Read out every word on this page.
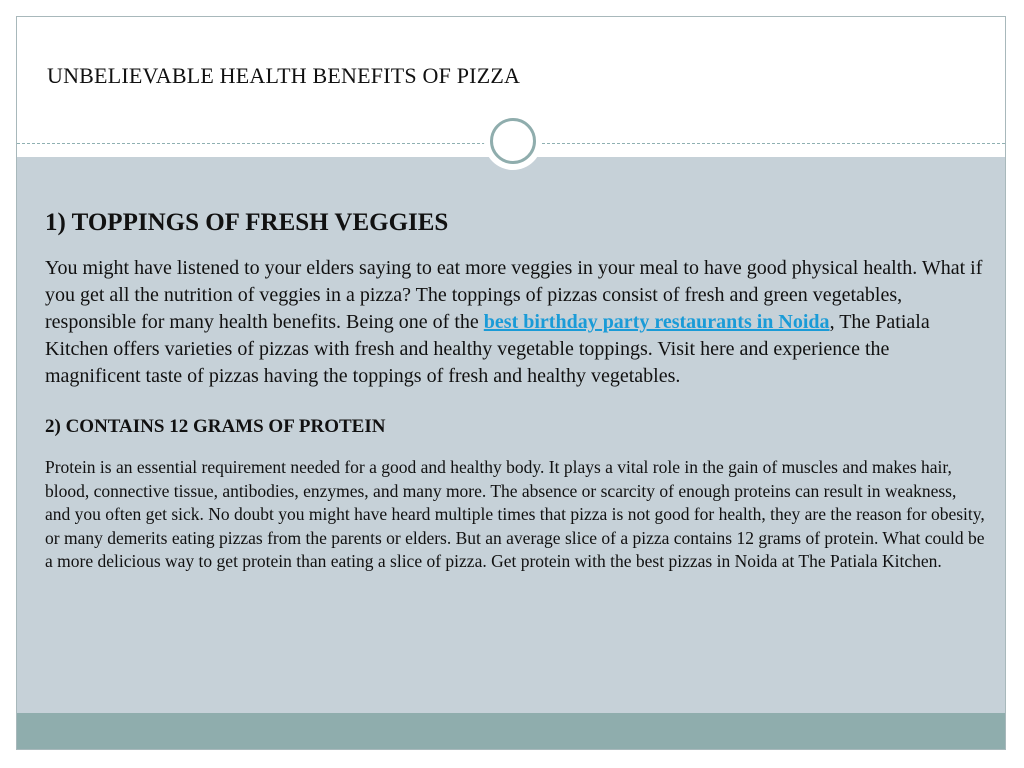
UNBELIEVABLE HEALTH BENEFITS OF PIZZA
1) TOPPINGS OF FRESH VEGGIES

You might have listened to your elders saying to eat more veggies in your meal to have good physical health. What if you get all the nutrition of veggies in a pizza? The toppings of pizzas consist of fresh and green vegetables, responsible for many health benefits. Being one of the best birthday party restaurants in Noida, The Patiala Kitchen offers varieties of pizzas with fresh and healthy vegetable toppings. Visit here and experience the magnificent taste of pizzas having the toppings of fresh and healthy vegetables.

2) CONTAINS 12 GRAMS OF PROTEIN

Protein is an essential requirement needed for a good and healthy body. It plays a vital role in the gain of muscles and makes hair, blood, connective tissue, antibodies, enzymes, and many more. The absence or scarcity of enough proteins can result in weakness, and you often get sick. No doubt you might have heard multiple times that pizza is not good for health, they are the reason for obesity, or many demerits eating pizzas from the parents or elders. But an average slice of a pizza contains 12 grams of protein. What could be a more delicious way to get protein than eating a slice of pizza. Get protein with the best pizzas in Noida at The Patiala Kitchen.
